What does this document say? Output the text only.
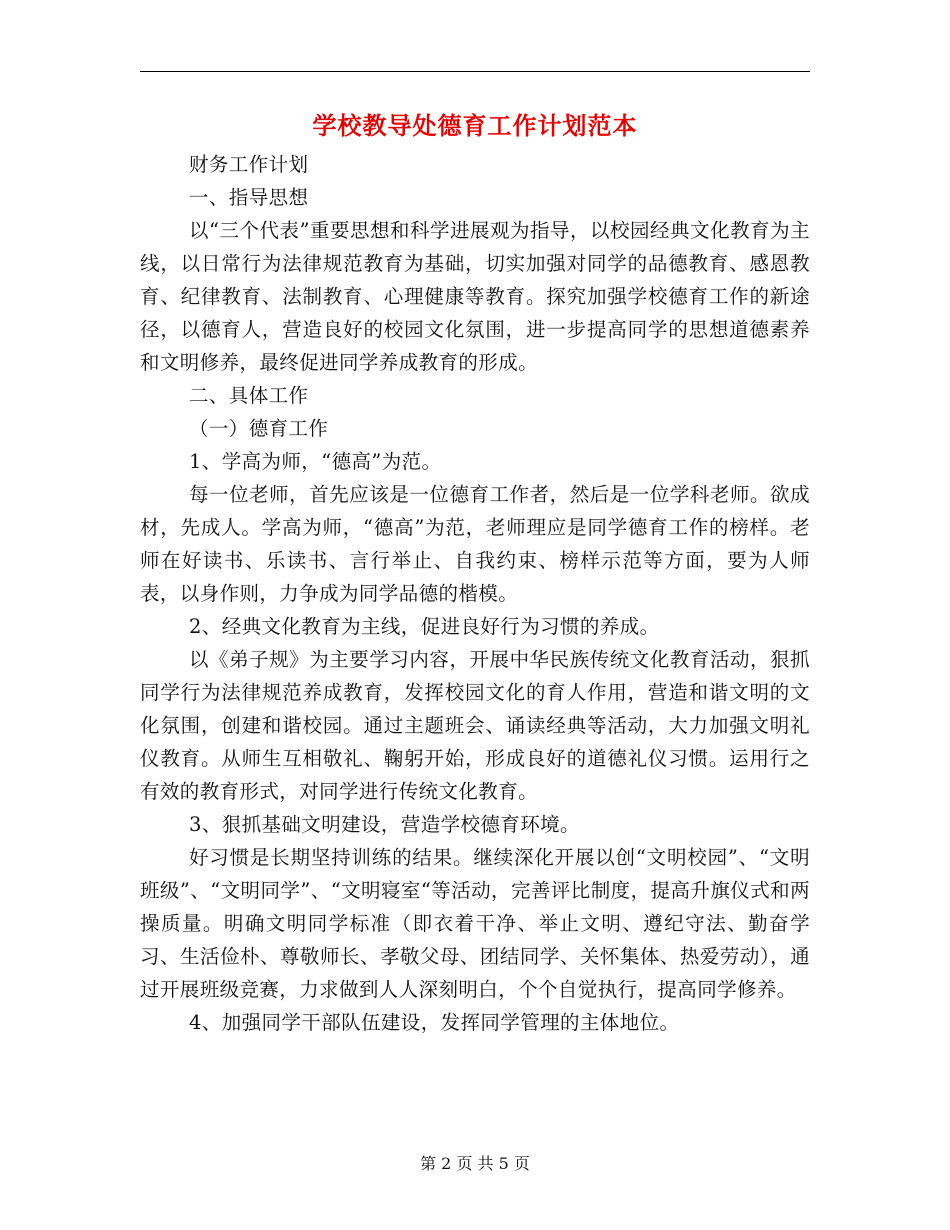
学校教导处德育工作计划范本

财务工作计划

一、指导思想

以“三个代表”重要思想和科学进展观为指导，以校园经典文化教育为主线，以日常行为法律规范教育为基础，切实加强对同学的品德教育、感恩教育、纪律教育、法制教育、心理健康等教育。探究加强学校德育工作的新途径，以德育人，营造良好的校园文化氛围，进一步提高同学的思想道德素养和文明修养，最终促进同学养成教育的形成。

二、具体工作

（一）德育工作

1、学高为师，“德高”为范。

每一位老师，首先应该是一位德育工作者，然后是一位学科老师。欲成材，先成人。学高为师，“德高”为范，老师理应是同学德育工作的榜样。老师在好读书、乐读书、言行举止、自我约束、榜样示范等方面，要为人师表，以身作则，力争成为同学品德的楷模。

2、经典文化教育为主线，促进良好行为习惯的养成。

以《弟子规》为主要学习内容，开展中华民族传统文化教育活动，狠抓同学行为法律规范养成教育，发挥校园文化的育人作用，营造和谐文明的文化氛围，创建和谐校园。通过主题班会、诵读经典等活动，大力加强文明礼仪教育。从师生互相敬礼、鞠躬开始，形成良好的道德礼仪习惯。运用行之有效的教育形式，对同学进行传统文化教育。

3、狠抓基础文明建设，营造学校德育环境。

好习惯是长期坚持训练的结果。继续深化开展以创“文明校园”、“文明班级”、“文明同学”、“文明寝室“等活动，完善评比制度，提高升旗仪式和两操质量。明确文明同学标准（即衣着干净、举止文明、遵纪守法、勤奋学习、生活俭朴、尊敬师长、孝敬父母、团结同学、关怀集体、热爱劳动），通过开展班级竞赛，力求做到人人深刻明白，个个自觉执行，提高同学修养。

4、加强同学干部队伍建设，发挥同学管理的主体地位。

第 2 页 共 5 页
